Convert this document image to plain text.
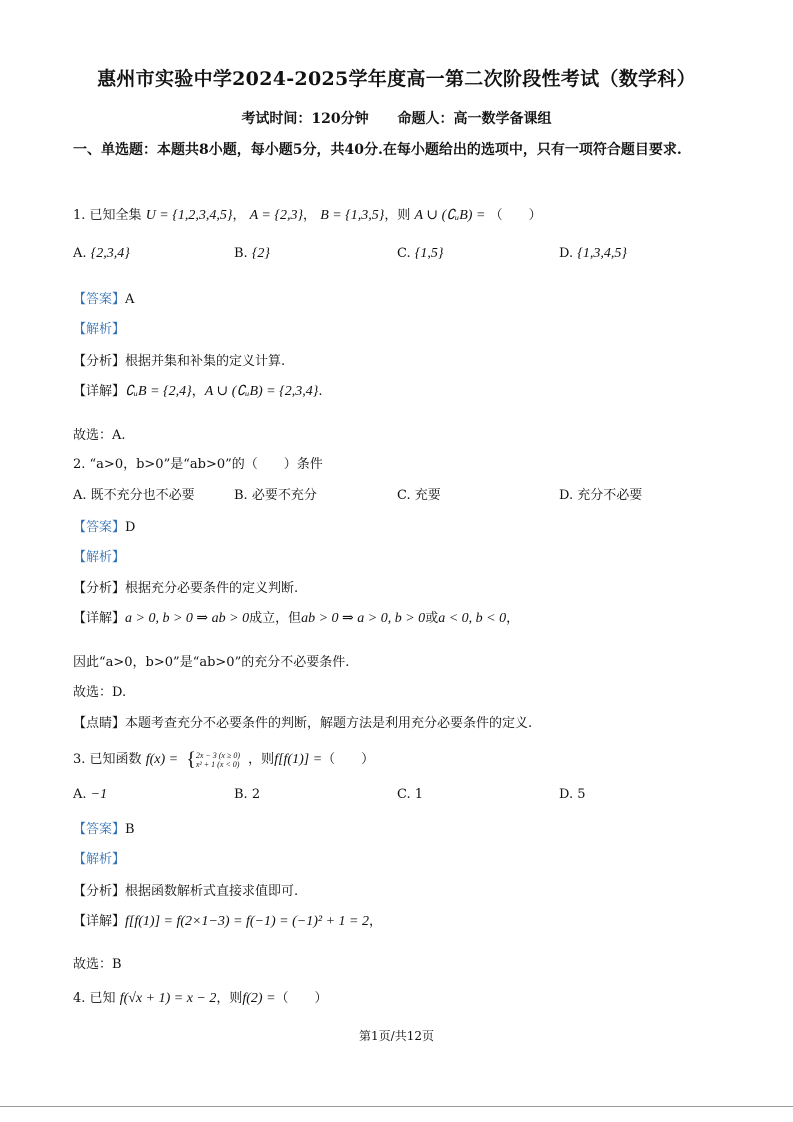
惠州市实验中学2024-2025学年度高一第二次阶段性考试（数学科）
考试时间：120分钟 命题人：高一数学备课组
一、单选题：本题共8小题，每小题5分，共40分.在每小题给出的选项中，只有一项符合题目要求.
1. 已知全集 U = {1,2,3,4,5}， A = {2,3}， B = {1,3,5}，则 A ∪ (∁ᵤB) = （　　）
A. {2,3,4}	B. {2}	C. {1,5}	D. {1,3,4,5}
【答案】A
【解析】
【分析】根据并集和补集的定义计算.
【详解】∁ᵤB = {2,4}，A ∪ (∁ᵤB) = {2,3,4}.
故选：A.
2. “a>0，b>0”是“ab>0”的（　　）条件
A. 既不充分也不必要	B. 必要不充分	C. 充要	D. 充分不必要
【答案】D
【解析】
【分析】根据充分必要条件的定义判断.
【详解】a > 0, b > 0 ⇒ ab > 0成立，但ab > 0 ⇒ a > 0, b > 0或a < 0, b < 0，
因此“a>0，b>0”是“ab>0”的充分不必要条件.
故选：D.
【点睛】本题考查充分不必要条件的判断，解题方法是利用充分必要条件的定义.
3. 已知函数 f(x) = {2x − 3 (x ≥ 0)
x² + 1 (x < 0) ，则f[f(1)] =（　　）
A. −1	B. 2	C. 1	D. 5
【答案】B
【解析】
【分析】根据函数解析式直接求值即可.
【详解】f[f(1)] = f(2×1−3) = f(−1) = (−1)² + 1 = 2，
故选：B
4. 已知 f(√x + 1) = x − 2，则f(2) =（　　）
第1页/共12页
